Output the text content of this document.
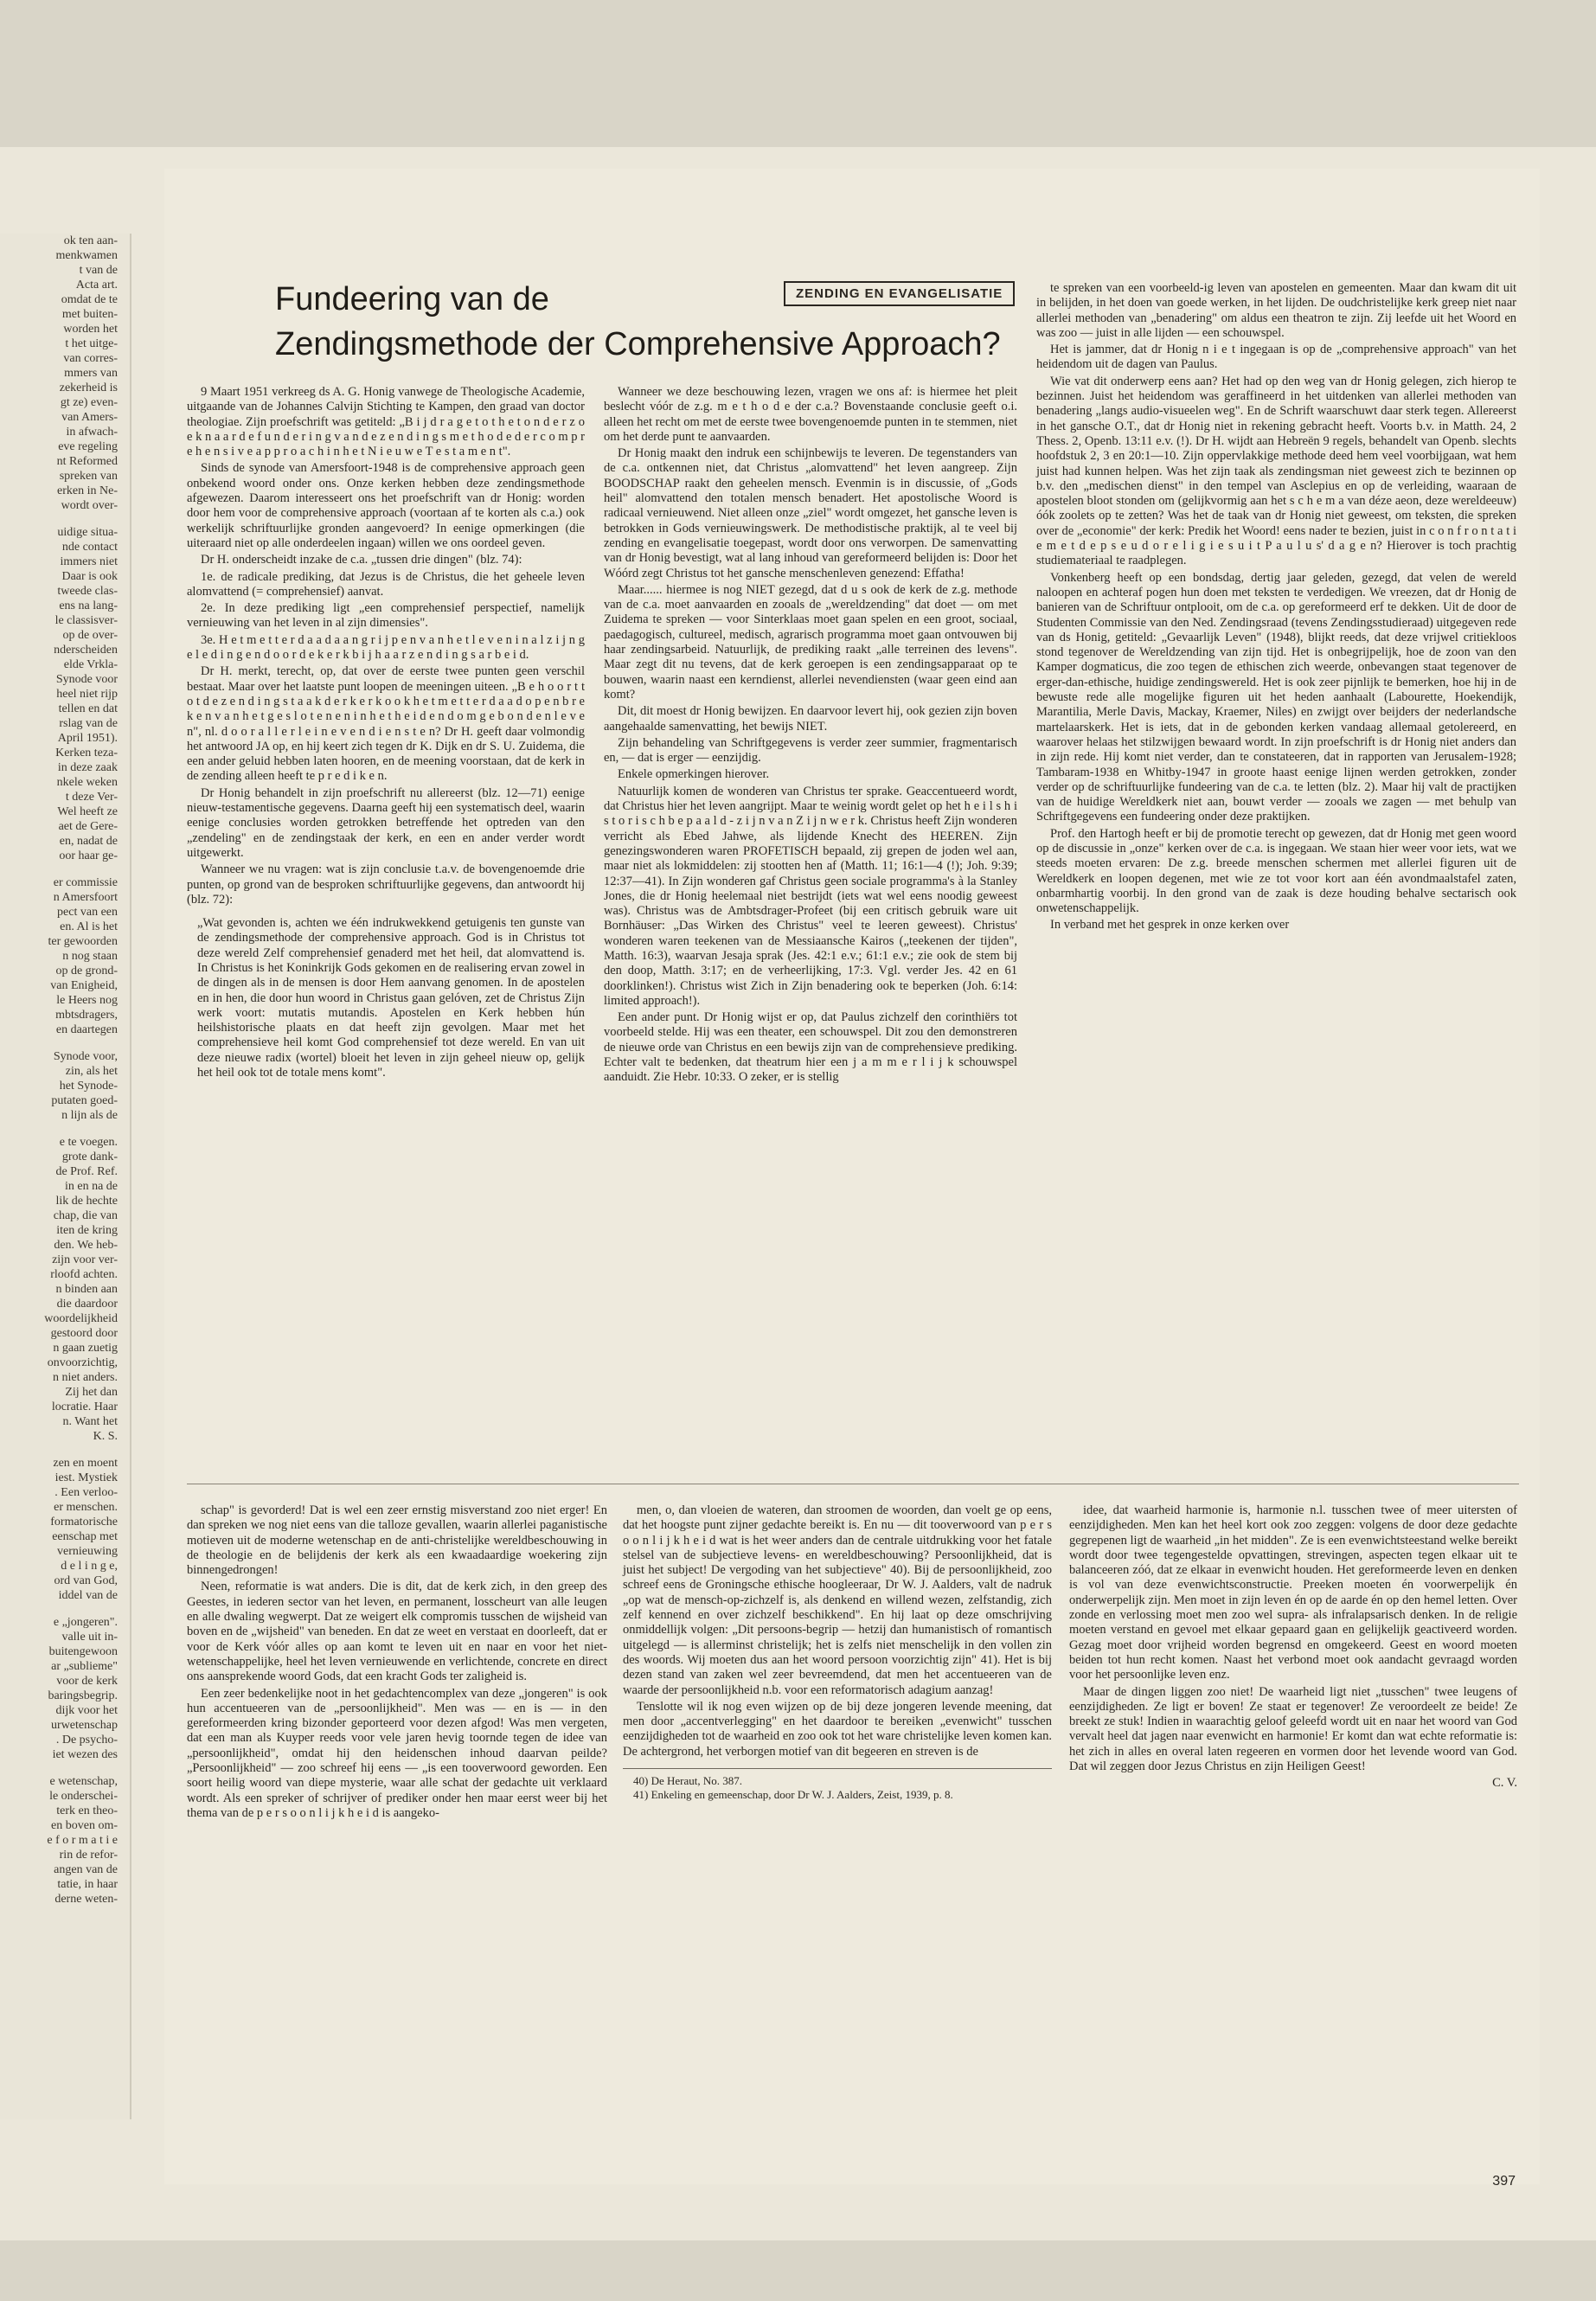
ok ten aan-
menkwamen
t van de
Acta art.
omdat de te
met buiten-
worden het
t het uitge-
van corres-
mmers van
zekerheid is
gt ze) even-
van Amers-
in afwach-
eve regeling
nt Reformed
spreken van
erken in Ne-
wordt over-

uidige situa-
nde contact
immers niet
Daar is ook
tweede clas-
ens na lang-
le classisver-
op de over-
nderscheiden
elde Vrkla-
Synode voor
heel niet rijp
tellen en dat
rslag van de
April 1951).
Kerken teza-
in deze zaak
nkele weken
t deze Ver-
Wel heeft ze
aet de Gere-
en, nadat de
oor haar ge-

er commissie
n Amersfoort
pect van een
en. Al is het
ter gewoorden
n nog staan
op de grond-
van Enigheid,
le Heers nog
mbtsdragers,
en daartegen

Synode voor,
zin, als het
het Synode-
putaten goed-
n lijn als de

e te voegen.
grote dank-
de Prof. Ref.
in en na de
lik de hechte
chap, die van
iten de kring
den. We heb-
zijn voor ver-
rloofd achten.
n binden aan
die daardoor
woordelijkheid
gestoord door
n gaan zuetig
onvoorzichtig,
n niet anders.
Zij het dan
locratie. Haar
n. Want het
K. S.

zen en moent
iest. Mystiek
. Een verloo-
er menschen.
formatorische
eenschap met
vernieuwing
d e l i n g e,
ord van God,
iddel van de

e „jongeren".
valle uit in-
buitengewoon
ar „sublieme"
voor de kerk
baringsbegrip.
dijk voor het
urwetenschap
. De psycho-
iet wezen des

e wetenschap,
le onderschei-
terk en theo-
en boven om-
e f o r m a t i e
rin de refor-
angen van de
tatie, in haar
derne weten-

Fundeering van de
Zendingsmethode der Comprehensive Approach?
ZENDING EN EVANGELISATIE

9 Maart 1951 verkreeg ds A. G. Honig vanwege de Theologische Academie, uitgaande van de Johannes Calvijn Stichting te Kampen, den graad van doctor theologiae. Zijn proefschrift was getiteld: „B i j d r a g e t o t h e t o n d e r z o e k n a a r d e f u n d e r i n g v a n d e z e n d i n g s m e t h o d e d e r c o m p r e h e n s i v e a p p r o a c h i n h e t N i e u w e T e s t a m e n t".

Sinds de synode van Amersfoort-1948 is de comprehensive approach geen onbekend woord onder ons. Onze kerken hebben deze zendingsmethode afgewezen. Daarom interesseert ons het proefschrift van dr Honig: worden door hem voor de comprehensive approach (voortaan af te korten als c.a.) ook werkelijk schriftuurlijke gronden aangevoerd? In eenige opmerkingen (die uiteraard niet op alle onderdeelen ingaan) willen we ons oordeel geven.

Dr H. onderscheidt inzake de c.a. „tussen drie dingen" (blz. 74):

1e. de radicale prediking, dat Jezus is de Christus, die het geheele leven alomvattend (= comprehensief) aanvat.

2e. In deze prediking ligt „een comprehensief perspectief, namelijk vernieuwing van het leven in al zijn dimensies".

3e. H e t m e t t e r d a a d a a n g r i j p e n v a n h e t l e v e n i n a l z i j n g e l e d i n g e n d o o r d e k e r k b i j h a a r z e n d i n g s a r b e i d.

Dr H. merkt, terecht, op, dat over de eerste twee punten geen verschil bestaat. Maar over het laatste punt loopen de meeningen uiteen. „B e h o o r t t o t d e z e n d i n g s t a a k d e r k e r k o o k h e t m e t t e r d a a d o p e n b r e k e n v a n h e t g e s l o t e n e n i n h e t h e i d e n d o m g e b o n d e n l e v e n", nl. d o o r a l l e r l e i n e v e n d i e n s t e n? Dr H. geeft daar volmondig het antwoord JA op, en hij keert zich tegen dr K. Dijk en dr S. U. Zuidema, die een ander geluid hebben laten hooren, en de meening voorstaan, dat de kerk in de zending alleen heeft te p r e d i k e n.

Dr Honig behandelt in zijn proefschrift nu allereerst (blz. 12—71) eenige nieuw-testamentische gegevens. Daarna geeft hij een systematisch deel, waarin eenige conclusies worden getrokken betreffende het optreden van den „zendeling" en de zendingstaak der kerk, en een en ander verder wordt uitgewerkt.

Wanneer we nu vragen: wat is zijn conclusie t.a.v. de bovengenoemde drie punten, op grond van de besproken schriftuurlijke gegevens, dan antwoordt hij (blz. 72):

„Wat gevonden is, achten we één indrukwekkend getuigenis ten gunste van de zendingsmethode der comprehensive approach. God is in Christus tot deze wereld Zelf comprehensief genaderd met het heil, dat alomvattend is. In Christus is het Koninkrijk Gods gekomen en de realisering ervan zowel in de dingen als in de mensen is door Hem aanvang genomen. In de apostelen en in hen, die door hun woord in Christus gaan gelóven, zet de Christus Zijn werk voort: mutatis mutandis. Apostelen en Kerk hebben hún heilshistorische plaats en dat heeft zijn gevolgen. Maar met het comprehensieve heil komt God comprehensief tot deze wereld. En van uit deze nieuwe radix (wortel) bloeit het leven in zijn geheel nieuw op, gelijk het heil ook tot de totale mens komt".

Wanneer we deze beschouwing lezen, vragen we ons af: is hiermee het pleit beslecht vóór de z.g. m e t h o d e der c.a.? Bovenstaande conclusie geeft o.i. alleen het recht om met de eerste twee bovengenoemde punten in te stemmen, niet om het derde punt te aanvaarden.

Dr Honig maakt den indruk een schijnbewijs te leveren. De tegenstanders van de c.a. ontkennen niet, dat Christus „alomvattend" het leven aangreep. Zijn BOODSCHAP raakt den geheelen mensch. Evenmin is in discussie, of „Gods heil" alomvattend den totalen mensch benadert. Het apostolische Woord is radicaal vernieuwend. Niet alleen onze „ziel" wordt omgezet, het gansche leven is betrokken in Gods vernieuwingswerk. De methodistische praktijk, al te veel bij zending en evangelisatie toegepast, wordt door ons verworpen. De samenvatting van dr Honig bevestigt, wat al lang inhoud van gereformeerd belijden is: Door het Wóórd zegt Christus tot het gansche menschenleven genezend: Effatha!

Maar...... hiermee is nog NIET gezegd, dat d u s ook de kerk de z.g. methode van de c.a. moet aanvaarden en zooals de „wereldzending" dat doet — om met Zuidema te spreken — voor Sinterklaas moet gaan spelen en een groot, sociaal, paedagogisch, cultureel, medisch, agrarisch programma moet gaan ontvouwen bij haar zendingsarbeid. Natuurlijk, de prediking raakt „alle terreinen des levens". Maar zegt dit nu tevens, dat de kerk geroepen is een zendingsapparaat op te bouwen, waarin naast een kerndienst, allerlei nevendiensten (waar geen eind aan komt?

Dit, dit moest dr Honig bewijzen. En daarvoor levert hij, ook gezien zijn boven aangehaalde samenvatting, het bewijs NIET.

Zijn behandeling van Schriftgegevens is verder zeer summier, fragmentarisch en, — dat is erger — eenzijdig.

Enkele opmerkingen hierover.

Natuurlijk komen de wonderen van Christus ter sprake. Geaccentueerd wordt, dat Christus hier het leven aangrijpt. Maar te weinig wordt gelet op het h e i l s h i s t o r i s c h b e p a a l d - z i j n v a n Z i j n w e r k. Christus heeft Zijn wonderen verricht als Ebed Jahwe, als lijdende Knecht des HEEREN. Zijn genezingswonderen waren PROFETISCH bepaald, zij grepen de joden wel aan, maar niet als lokmiddelen: zij stootten hen af (Matth. 11; 16:1—4 (!); Joh. 9:39; 12:37—41). In Zijn wonderen gaf Christus geen sociale programma's à la Stanley Jones, die dr Honig heelemaal niet bestrijdt (iets wat wel eens noodig geweest was). Christus was de Ambtsdrager-Profeet (bij een critisch gebruik ware uit Bornhäuser: „Das Wirken des Christus" veel te leeren geweest). Christus' wonderen waren teekenen van de Messiaansche Kairos („teekenen der tijden", Matth. 16:3), waarvan Jesaja sprak (Jes. 42:1 e.v.; 61:1 e.v.; zie ook de stem bij den doop, Matth. 3:17; en de verheerlijking, 17:3. Vgl. verder Jes. 42 en 61 doorklinken!). Christus wist Zich in Zijn benadering ook te beperken (Joh. 6:14: limited approach!).

Een ander punt. Dr Honig wijst er op, dat Paulus zichzelf den corinthiërs tot voorbeeld stelde. Hij was een theater, een schouwspel. Dit zou den demonstreren de nieuwe orde van Christus en een bewijs zijn van de comprehensieve prediking. Echter valt te bedenken, dat theatrum hier een j a m m e r l i j k schouwspel aanduidt. Zie Hebr. 10:33. O zeker, er is stellig

te spreken van een voorbeeld-ig leven van apostelen en gemeenten. Maar dan kwam dit uit in belijden, in het doen van goede werken, in het lijden. De oudchristelijke kerk greep niet naar allerlei methoden van „benadering" om aldus een theatron te zijn. Zij leefde uit het Woord en was zoo — juist in alle lijden — een schouwspel.

Het is jammer, dat dr Honig n i e t ingegaan is op de „comprehensive approach" van het heidendom uit de dagen van Paulus.

Wie vat dit onderwerp eens aan? Het had op den weg van dr Honig gelegen, zich hierop te bezinnen. Juist het heidendom was geraffineerd in het uitdenken van allerlei methoden van benadering „langs audio-visueelen weg". En de Schrift waarschuwt daar sterk tegen. Allereerst in het gansche O.T., dat dr Honig niet in rekening gebracht heeft. Voorts b.v. in Matth. 24, 2 Thess. 2, Openb. 13:11 e.v. (!). Dr H. wijdt aan Hebreën 9 regels, behandelt van Openb. slechts hoofdstuk 2, 3 en 20:1—10. Zijn oppervlakkige methode deed hem veel voorbijgaan, wat hem juist had kunnen helpen. Was het zijn taak als zendingsman niet geweest zich te bezinnen op b.v. den „medischen dienst" in den tempel van Asclepius en op de verleiding, waaraan de apostelen bloot stonden om (gelijkvormig aan het s c h e m a van déze aeon, deze wereldeeuw) óók zoolets op te zetten? Was het de taak van dr Honig niet geweest, om teksten, die spreken over de „economie" der kerk: Predik het Woord! eens nader te bezien, juist in c o n f r o n t a t i e m e t d e p s e u d o r e l i g i e s u i t P a u l u s' d a g e n? Hierover is toch prachtig studiemateriaal te raadplegen.

Vonkenberg heeft op een bondsdag, dertig jaar geleden, gezegd, dat velen de wereld naloopen en achteraf pogen hun doen met teksten te verdedigen. We vreezen, dat dr Honig de banieren van de Schriftuur ontplooit, om de c.a. op gereformeerd erf te dekken. Uit de door de Studenten Commissie van den Ned. Zendingsraad (tevens Zendingsstudieraad) uitgegeven rede van ds Honig, getiteld: „Gevaarlijk Leven" (1948), blijkt reeds, dat deze vrijwel critiekloos stond tegenover de Wereldzending van zijn tijd. Het is onbegrijpelijk, hoe de zoon van den Kamper dogmaticus, die zoo tegen de ethischen zich weerde, onbevangen staat tegenover de erger-dan-ethische, huidige zendingswereld. Het is ook zeer pijnlijk te bemerken, hoe hij in de bewuste rede alle mogelijke figuren uit het heden aanhaalt (Labourette, Hoekendijk, Marantilia, Merle Davis, Mackay, Kraemer, Niles) en zwijgt over beijders der nederlandsche martelaarskerk. Het is iets, dat in de gebonden kerken vandaag allemaal getolereerd, en waarover helaas het stilzwijgen bewaard wordt. In zijn proefschrift is dr Honig niet anders dan in zijn rede. Hij komt niet verder, dan te constateeren, dat in rapporten van Jerusalem-1928; Tambaram-1938 en Whitby-1947 in groote haast eenige lijnen werden getrokken, zonder verder op de schriftuurlijke fundeering van de c.a. te letten (blz. 2). Maar hij valt de practijken van de huidige Wereldkerk niet aan, bouwt verder — zooals we zagen — met behulp van Schriftgegevens een fundeering onder deze praktijken.

Prof. den Hartogh heeft er bij de promotie terecht op gewezen, dat dr Honig met geen woord op de discussie in „onze" kerken over de c.a. is ingegaan. We staan hier weer voor iets, wat we steeds moeten ervaren: De z.g. breede menschen schermen met allerlei figuren uit de Wereldkerk en loopen degenen, met wie ze tot voor kort aan één avondmaalstafel zaten, onbarmhartig voorbij. In den grond van de zaak is deze houding behalve sectarisch ook onwetenschappelijk.

In verband met het gesprek in onze kerken over

schap" is gevorderd! Dat is wel een zeer ernstig misverstand zoo niet erger! En dan spreken we nog niet eens van die talloze gevallen, waarin allerlei paganistische motieven uit de moderne wetenschap en de anti-christelijke wereldbeschouwing in de theologie en de belijdenis der kerk als een kwaadaardige woekering zijn binnengedrongen!

Neen, reformatie is wat anders. Die is dit, dat de kerk zich, in den greep des Geestes, in iederen sector van het leven, en permanent, losscheurt van alle leugen en alle dwaling wegwerpt. Dat ze weigert elk compromis tusschen de wijsheid van boven en de „wijsheid" van beneden. En dat ze weet en verstaat en doorleeft, dat er voor de Kerk vóór alles op aan komt te leven uit en naar en voor het niet-wetenschappelijke, heel het leven vernieuwende en verlichtende, concrete en direct ons aansprekende woord Gods, dat een kracht Gods ter zaligheid is.

Een zeer bedenkelijke noot in het gedachtencomplex van deze „jongeren" is ook hun accentueeren van de „persoonlijkheid". Men was — en is — in den gereformeerden kring bizonder geporteerd voor dezen afgod! Was men vergeten, dat een man als Kuyper reeds voor vele jaren hevig toornde tegen de idee van „persoonlijkheid", omdat hij den heidenschen inhoud daarvan peilde? „Persoonlijkheid" — zoo schreef hij eens — „is een tooverwoord geworden. Een soort heilig woord van diepe mysterie, waar alle schat der gedachte uit verklaard wordt. Als een spreker of schrijver of prediker onder hen maar eerst weer bij het thema van de p e r s o o n l i j k h e i d is aangeko-

men, o, dan vloeien de wateren, dan stroomen de woorden, dan voelt ge op eens, dat het hoogste punt zijner gedachte bereikt is. En nu — dit tooverwoord van p e r s o o n l i j k h e i d wat is het weer anders dan de centrale uitdrukking voor het fatale stelsel van de subjectieve levens- en wereldbeschouwing? Persoonlijkheid, dat is juist het subject! De vergoding van het subjectieve" 40). Bij de persoonlijkheid, zoo schreef eens de Groningsche ethische hoogleeraar, Dr W. J. Aalders, valt de nadruk „op wat de mensch-op-zichzelf is, als denkend en willend wezen, zelfstandig, zich zelf kennend en over zichzelf beschikkend". En hij laat op deze omschrijving onmiddellijk volgen: „Dit persoons-begrip — hetzij dan humanistisch of romantisch uitgelegd — is allerminst christelijk; het is zelfs niet menschelijk in den vollen zin des woords. Wij moeten dus aan het woord persoon voorzichtig zijn" 41). Het is bij dezen stand van zaken wel zeer bevreemdend, dat men het accentueeren van de waarde der persoonlijkheid n.b. voor een reformatorisch adagium aanzag!

Tenslotte wil ik nog even wijzen op de bij deze jongeren levende meening, dat men door „accentverlegging" en het daardoor te bereiken „evenwicht" tusschen eenzijdigheden tot de waarheid en zoo ook tot het ware christelijke leven komen kan. De achtergrond, het verborgen motief van dit begeeren en streven is de

40) De Heraut, No. 387.
41) Enkeling en gemeenschap, door Dr W. J. Aalders, Zeist, 1939, p. 8.

idee, dat waarheid harmonie is, harmonie n.l. tusschen twee of meer uitersten of eenzijdigheden. Men kan het heel kort ook zoo zeggen: volgens de door deze gedachte gegrepenen ligt de waarheid „in het midden". Ze is een evenwichtsteestand welke bereikt wordt door twee tegengestelde opvattingen, strevingen, aspecten tegen elkaar uit te balanceeren zóó, dat ze elkaar in evenwicht houden. Het gereformeerde leven en denken is vol van deze evenwichtsconstructie. Preeken moeten én voorwerpelijk én onderwerpelijk zijn. Men moet in zijn leven én op de aarde én op den hemel letten. Over zonde en verlossing moet men zoo wel supra- als infralapsarisch denken. In de religie moeten verstand en gevoel met elkaar gepaard gaan en gelijkelijk geactiveerd worden. Gezag moet door vrijheid worden begrensd en omgekeerd. Geest en woord moeten beiden tot hun recht komen. Naast het verbond moet ook aandacht gevraagd worden voor het persoonlijke leven enz.

Maar de dingen liggen zoo niet! De waarheid ligt niet „tusschen" twee leugens of eenzijdigheden. Ze ligt er boven! Ze staat er tegenover! Ze veroordeelt ze beide! Ze breekt ze stuk! Indien in waarachtig geloof geleefd wordt uit en naar het woord van God vervalt heel dat jagen naar evenwicht en harmonie! Er komt dan wat echte reformatie is: het zich in alles en overal laten regeeren en vormen door het levende woord van God. Dat wil zeggen door Jezus Christus en zijn Heiligen Geest!

C. V.
397
